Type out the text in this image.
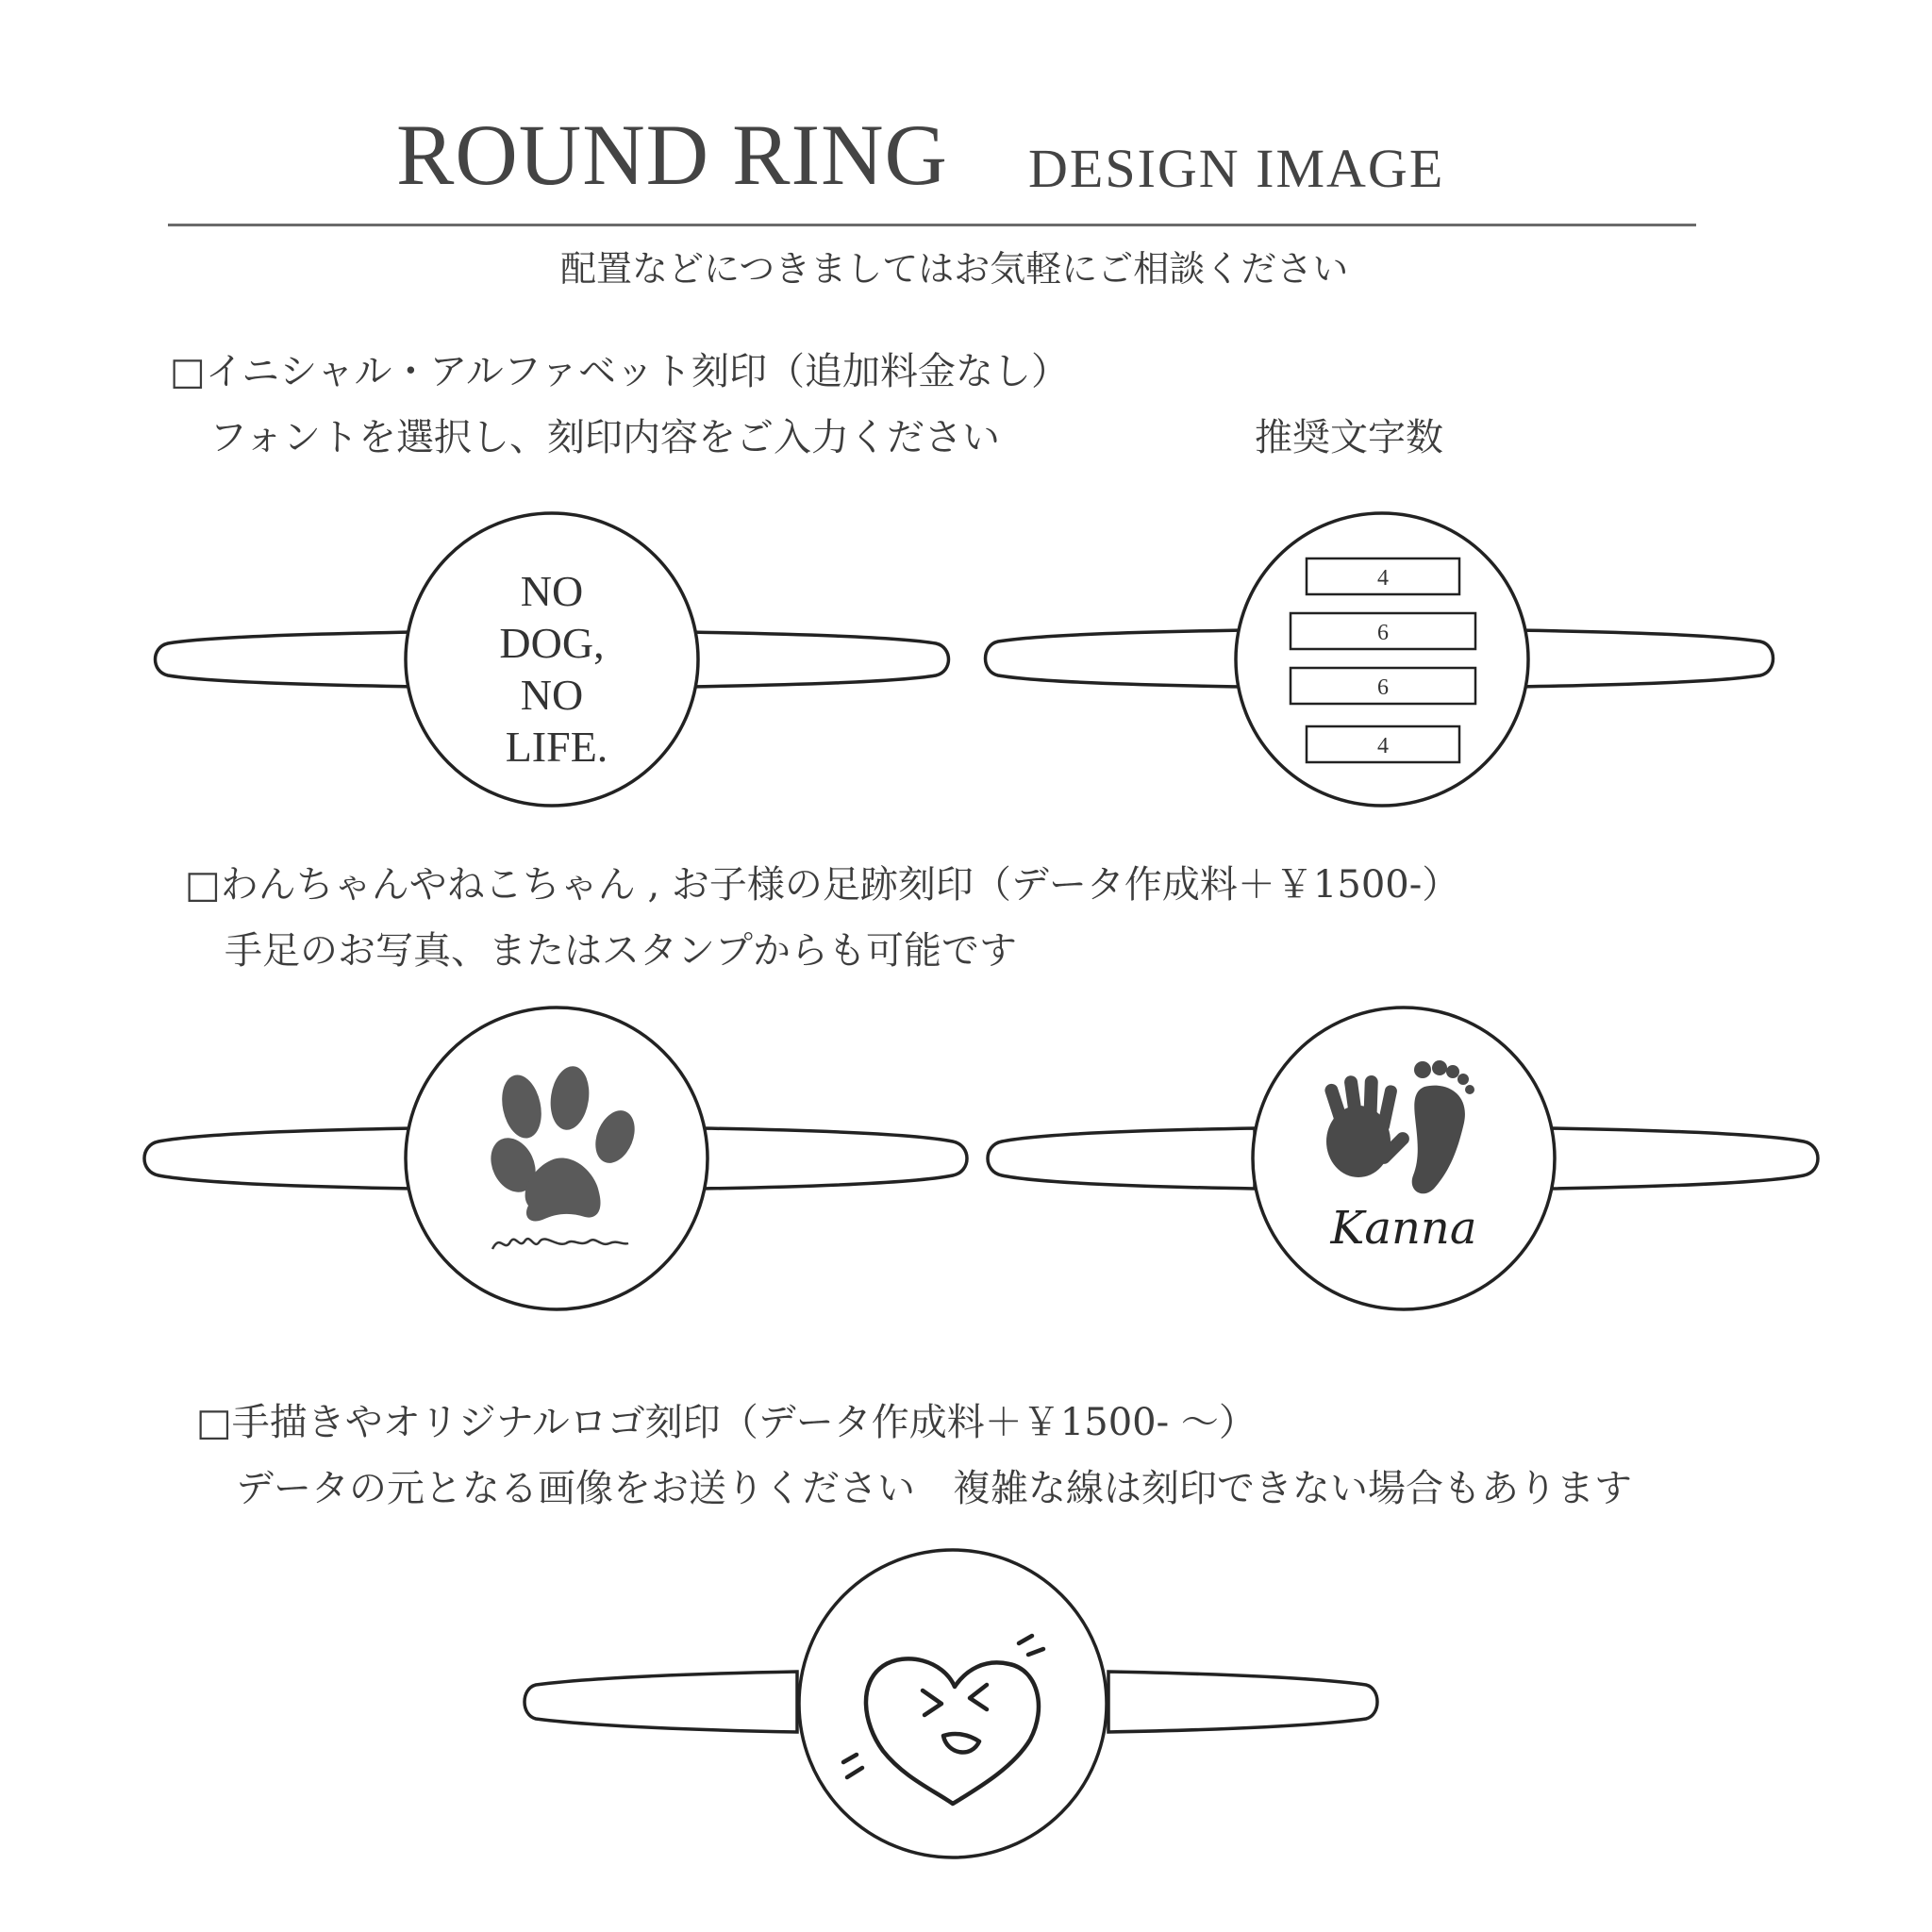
ROUND RING DESIGN IMAGE
配置などにつきましてはお気軽にご相談ください
□イニシャル・アルファベット刻印（追加料金なし）
フォントを選択し、刻印内容をご入力ください	推奨文字数
□わんちゃんやねこちゃん , お子様の足跡刻印（データ作成料＋￥1500-）
手足のお写真、またはスタンプからも可能です
□手描きやオリジナルロゴ刻印（データ作成料＋￥1500- ～）
データの元となる画像をお送りください　複雑な線は刻印できない場合もあります
NO
DOG,
NO
LIFE.
4
6
6
4
Kanna
